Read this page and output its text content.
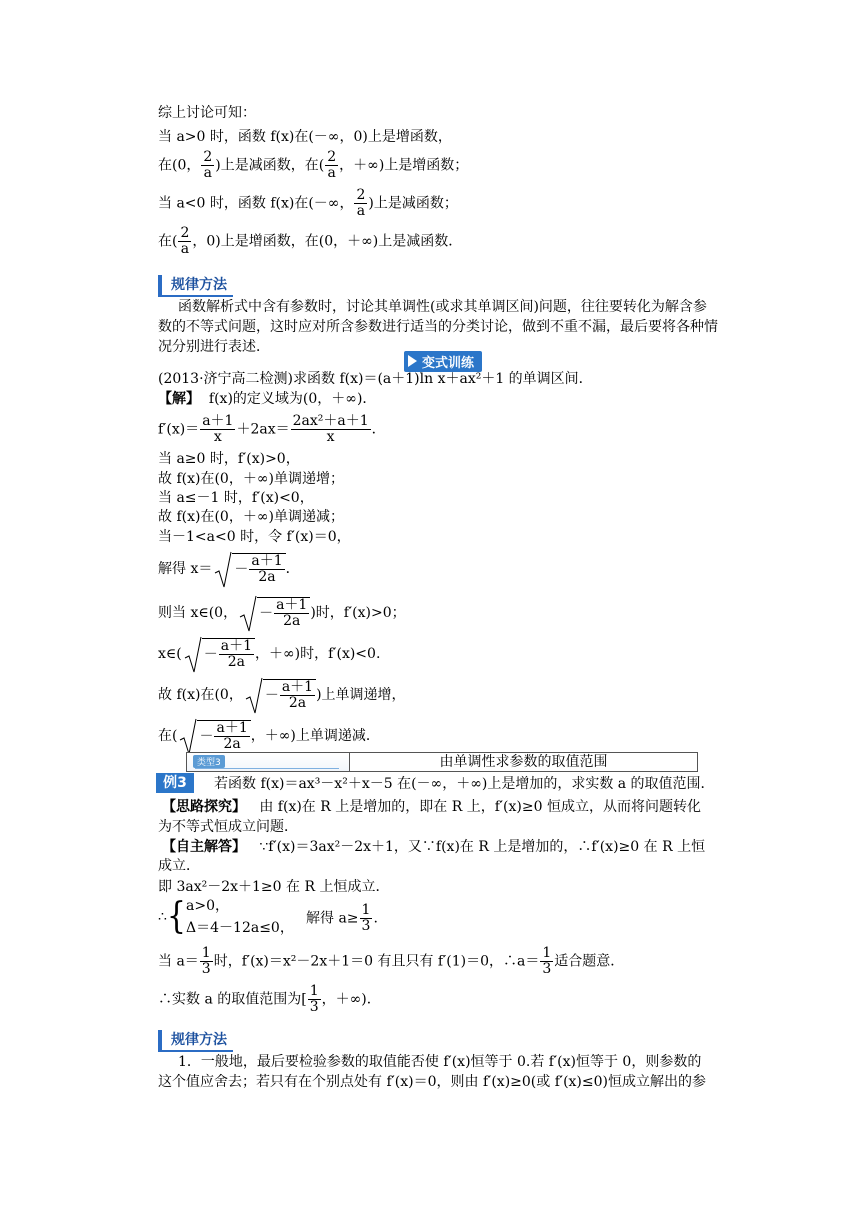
综上讨论可知：
当 a>0 时，函数 f(x)在(－∞，0)上是增函数，
在(0， $\frac{2}{a}$ )上是减函数，在( $\frac{2}{a}$ ，＋∞)上是增函数；
当 a<0 时，函数 f(x)在(－∞， $\frac{2}{a}$ )上是减函数；
在( $\frac{2}{a}$ ，0)上是增函数，在(0，＋∞)上是减函数．
规律方法
函数解析式中含有参数时，讨论其单调性(或求其单调区间)问题，往往要转化为解含参
数的不等式问题，这时应对所含参数进行适当的分类讨论，做到不重不漏，最后要将各种情
况分别进行表述．
变式训练
(2013·济宁高二检测)求函数 f(x)＝(a＋1)ln x＋ax²＋1 的单调区间．
【解】 f(x)的定义域为(0，＋∞)．
$f'(x)= \frac{a+1}{x} +2ax= \frac{\text{2ax²＋a＋1}}{x}$ ．
当 a≥0 时，f′(x)>0，
故 f(x)在(0，＋∞)单调递增；
当 a≤－1 时，f′(x)<0，
故 f(x)在(0，＋∞)单调递减；
当－1<a<0 时，令 f′(x)＝0，
解得 $x= - \frac{a+1}{2a}$ ．
则当 x∈(0， － $\frac{a+1}{2a}$ )时，f′(x)>0；
x∈( － $\frac{a+1}{2a}$ ，＋∞)时，f′(x)<0.
故 f(x)在(0， － $\frac{a+1}{2a}$ )上单调递增，
在( － $\frac{a+1}{2a}$ ，＋∞)上单调递减．
类型3	由单调性求参数的取值范围
例3	若函数 f(x)＝ax³－x²＋x－5 在(－∞，＋∞)上是增加的，求实数 a 的取值范围．
【思路探究】 由 f(x)在 R 上是增加的，即在 R 上，f′(x)≥0 恒成立，从而将问题转化
为不等式恒成立问题．
【自主解答】 ∵f′(x)＝3ax²－2x＋1，又∵f(x)在 R 上是增加的，∴f′(x)≥0 在 R 上恒
成立．
即 3ax²－2x＋1≥0 在 R 上恒成立．
∴{ a>0，
Δ＝4－12a≤0，
解得 $a\ge \frac{1}{3}$ .
当 $a= \frac{1}{3}$ 时，f′(x)＝x²－2x＋1＝0 有且只有 f′(1)＝0，∴a＝ $\frac{1}{3}$ 适合题意．
∴实数 a 的取值范围为[ $\frac{1}{3}$ ，＋∞)．
规律方法
1．一般地，最后要检验参数的取值能否使 f′(x)恒等于 0.若 f′(x)恒等于 0，则参数的
这个值应舍去；若只有在个别点处有 f′(x)＝0，则由 f′(x)≥0(或 f′(x)≤0)恒成立解出的参
